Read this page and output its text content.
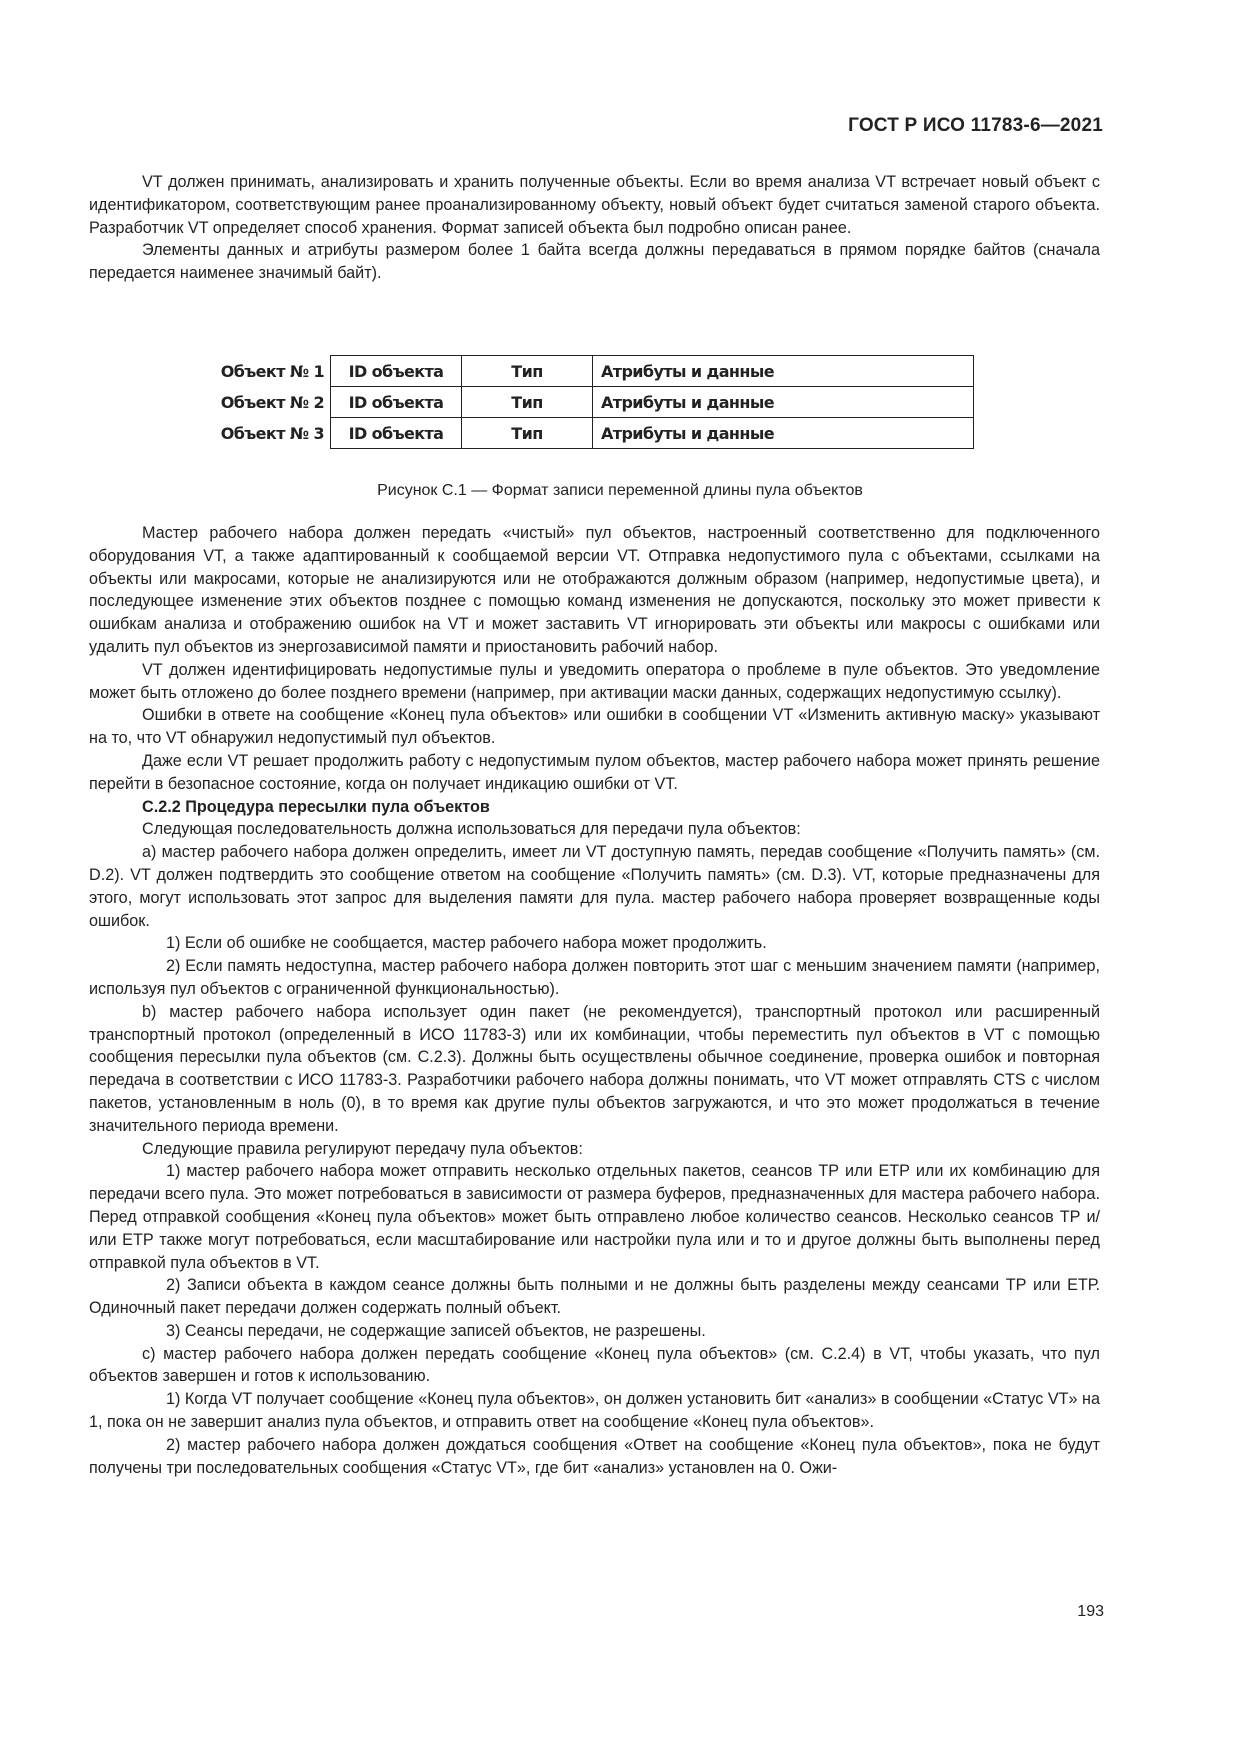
ГОСТ Р ИСО 11783-6—2021

VT должен принимать, анализировать и хранить полученные объекты. Если во время анализа VT встречает новый объект с идентификатором, соответствующим ранее проанализированному объекту, новый объект будет считаться заменой старого объекта. Разработчик VT определяет способ хранения. Формат записей объекта был подробно описан ранее.

Элементы данных и атрибуты размером более 1 байта всегда должны передаваться в прямом порядке байтов (сначала передается наименее значимый байт).

Объект № 1	ID объекта	Тип	Атрибуты и данные
Объект № 2	ID объекта	Тип	Атрибуты и данные
Объект № 3	ID объекта	Тип	Атрибуты и данные
Рисунок С.1 — Формат записи переменной длины пула объектов

Мастер рабочего набора должен передать «чистый» пул объектов, настроенный соответственно для подключенного оборудования VT, а также адаптированный к сообщаемой версии VT. Отправка недопустимого пула с объектами, ссылками на объекты или макросами, которые не анализируются или не отображаются должным образом (например, недопустимые цвета), и последующее изменение этих объектов позднее с помощью команд изменения не допускаются, поскольку это может привести к ошибкам анализа и отображению ошибок на VT и может заставить VT игнорировать эти объекты или макросы с ошибками или удалить пул объектов из энергозависимой памяти и приостановить рабочий набор.

VT должен идентифицировать недопустимые пулы и уведомить оператора о проблеме в пуле объектов. Это уведомление может быть отложено до более позднего времени (например, при активации маски данных, содержащих недопустимую ссылку).

Ошибки в ответе на сообщение «Конец пула объектов» или ошибки в сообщении VT «Изменить активную маску» указывают на то, что VT обнаружил недопустимый пул объектов.

Даже если VT решает продолжить работу с недопустимым пулом объектов, мастер рабочего набора может принять решение перейти в безопасное состояние, когда он получает индикацию ошибки от VT.

С.2.2 Процедура пересылки пула объектов

Следующая последовательность должна использоваться для передачи пула объектов:

а) мастер рабочего набора должен определить, имеет ли VT доступную память, передав сообщение «Получить память» (см. D.2). VT должен подтвердить это сообщение ответом на сообщение «Получить память» (см. D.3). VT, которые предназначены для этого, могут использовать этот запрос для выделения памяти для пула. мастер рабочего набора проверяет возвращенные коды ошибок.

1) Если об ошибке не сообщается, мастер рабочего набора может продолжить.

2) Если память недоступна, мастер рабочего набора должен повторить этот шаг с меньшим значением памяти (например, используя пул объектов с ограниченной функциональностью).

b) мастер рабочего набора использует один пакет (не рекомендуется), транспортный протокол или расширенный транспортный протокол (определенный в ИСО 11783-3) или их комбинации, чтобы переместить пул объектов в VT с помощью сообщения пересылки пула объектов (см. С.2.3). Должны быть осуществлены обычное соединение, проверка ошибок и повторная передача в соответствии с ИСО 11783-3. Разработчики рабочего набора должны понимать, что VT может отправлять CTS с числом пакетов, установленным в ноль (0), в то время как другие пулы объектов загружаются, и что это может продолжаться в течение значительного периода времени.

Следующие правила регулируют передачу пула объектов:

1) мастер рабочего набора может отправить несколько отдельных пакетов, сеансов ТР или ЕТР или их комбинацию для передачи всего пула. Это может потребоваться в зависимости от размера буферов, предназначенных для мастера рабочего набора. Перед отправкой сообщения «Конец пула объектов» может быть отправлено любое количество сеансов. Несколько сеансов ТР и/или ЕТР также могут потребоваться, если масштабирование или настройки пула или и то и другое должны быть выполнены перед отправкой пула объектов в VT.

2) Записи объекта в каждом сеансе должны быть полными и не должны быть разделены между сеансами ТР или ЕТР. Одиночный пакет передачи должен содержать полный объект.

3) Сеансы передачи, не содержащие записей объектов, не разрешены.

с) мастер рабочего набора должен передать сообщение «Конец пула объектов» (см. С.2.4) в VT, чтобы указать, что пул объектов завершен и готов к использованию.

1) Когда VT получает сообщение «Конец пула объектов», он должен установить бит «анализ» в сообщении «Статус VT» на 1, пока он не завершит анализ пула объектов, и отправить ответ на сообщение «Конец пула объектов».

2) мастер рабочего набора должен дождаться сообщения «Ответ на сообщение «Конец пула объектов», пока не будут получены три последовательных сообщения «Статус VT», где бит «анализ» установлен на 0. Ожи-

193
